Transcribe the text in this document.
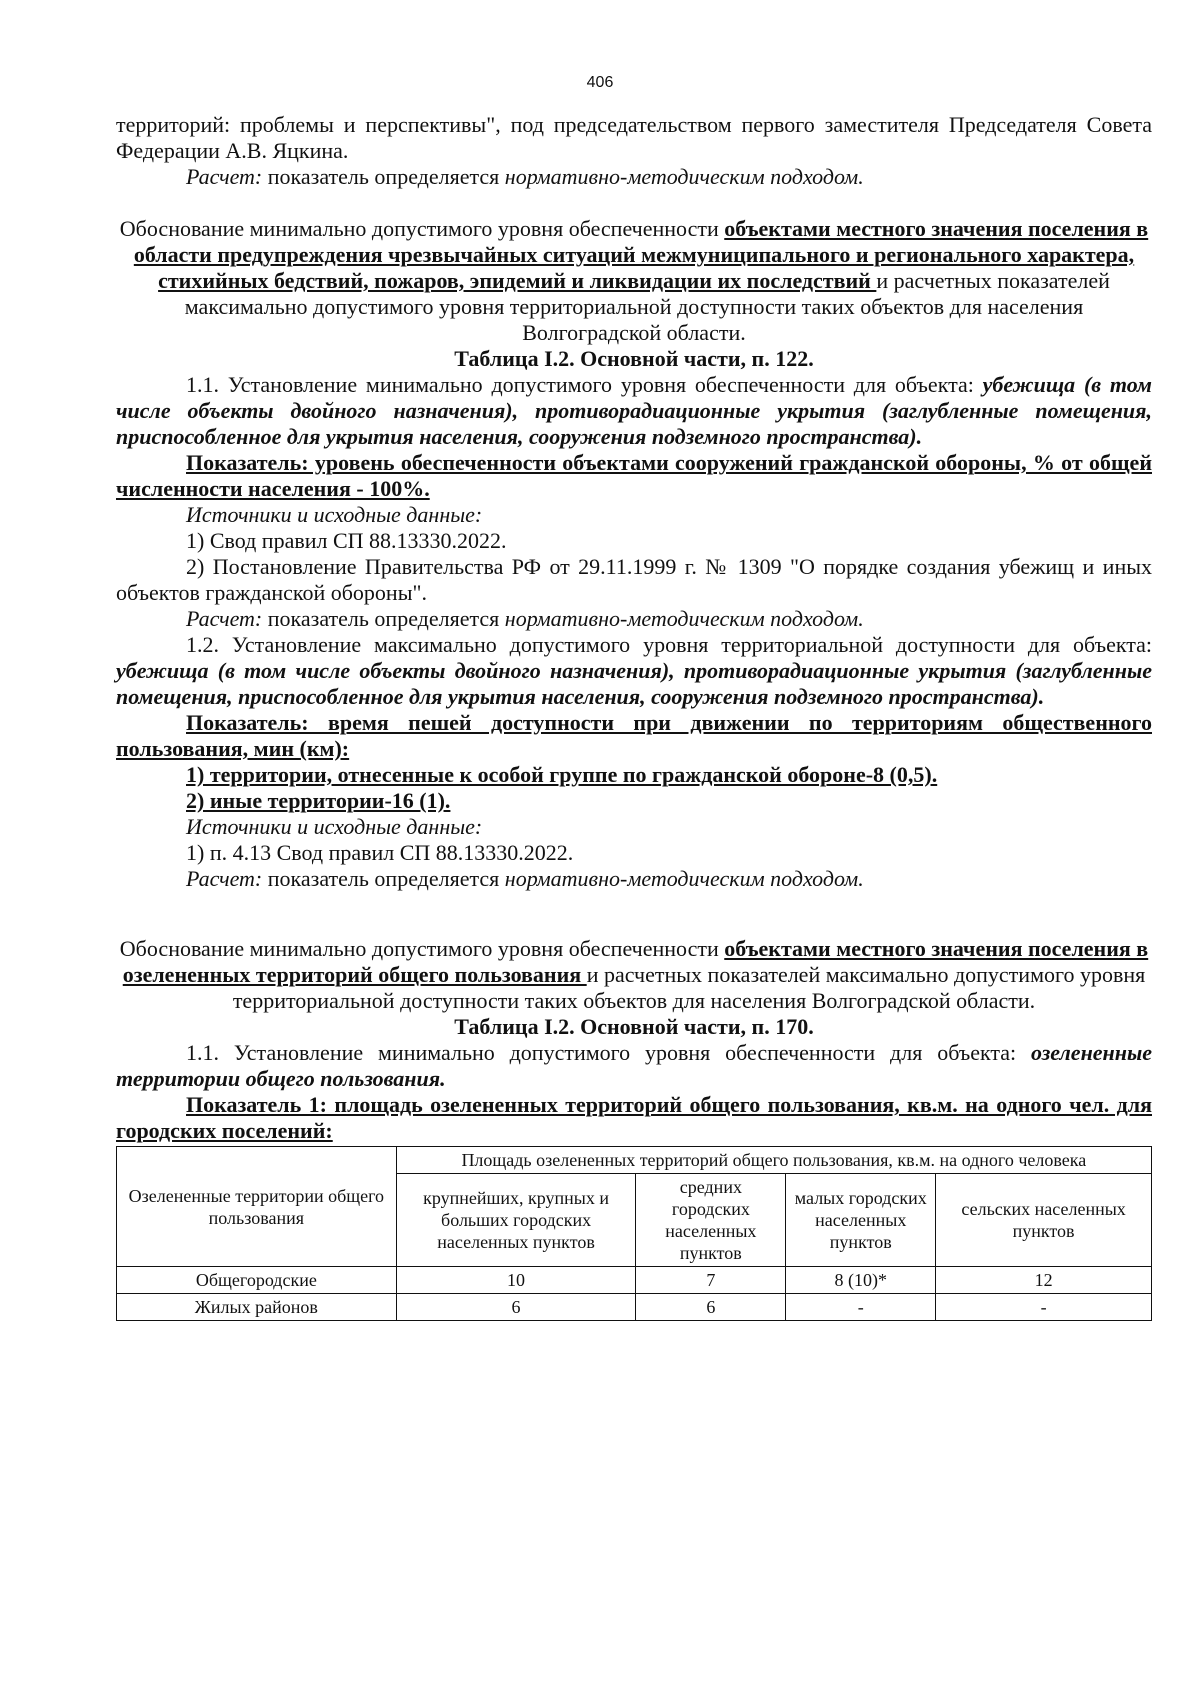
406

территорий: проблемы и перспективы", под председательством первого заместителя Председателя Совета Федерации А.В. Яцкина.

Расчет: показатель определяется нормативно-методическим подходом.

Обоснование минимально допустимого уровня обеспеченности объектами местного значения поселения в области предупреждения чрезвычайных ситуаций межмуниципального и регионального характера, стихийных бедствий, пожаров, эпидемий и ликвидации их последствий и расчетных показателей максимально допустимого уровня территориальной доступности таких объектов для населения Волгоградской области.

Таблица I.2. Основной части, п. 122.

1.1. Установление минимально допустимого уровня обеспеченности для объекта: убежища (в том числе объекты двойного назначения), противорадиационные укрытия (заглубленные помещения, приспособленное для укрытия населения, сооружения подземного пространства).

Показатель: уровень обеспеченности объектами сооружений гражданской обороны, % от общей численности населения - 100%.

Источники и исходные данные:

1) Свод правил СП 88.13330.2022.

2) Постановление Правительства РФ от 29.11.1999 г. № 1309 "О порядке создания убежищ и иных объектов гражданской обороны".

Расчет: показатель определяется нормативно-методическим подходом.

1.2. Установление максимально допустимого уровня территориальной доступности для объекта: убежища (в том числе объекты двойного назначения), противорадиационные укрытия (заглубленные помещения, приспособленное для укрытия населения, сооружения подземного пространства).

Показатель: время пешей доступности при движении по территориям общественного пользования, мин (км):

1) территории, отнесенные к особой группе по гражданской обороне-8 (0,5).

2) иные территории-16 (1).

Источники и исходные данные:

1) п. 4.13 Свод правил СП 88.13330.2022.

Расчет: показатель определяется нормативно-методическим подходом.

Обоснование минимально допустимого уровня обеспеченности объектами местного значения поселения в озелененных территорий общего пользования и расчетных показателей максимально допустимого уровня территориальной доступности таких объектов для населения Волгоградской области.

Таблица I.2. Основной части, п. 170.

1.1. Установление минимально допустимого уровня обеспеченности для объекта: озелененные территории общего пользования.

Показатель 1: площадь озелененных территорий общего пользования, кв.м. на одного чел. для городских поселений:

Озелененные территории общего пользования	Площадь озелененных территорий общего пользования, кв.м. на одного человека			
	крупнейших, крупных и больших городских населенных пунктов	средних городских населенных пунктов	малых городских населенных пунктов	сельских населенных пунктов
Общегородские	10	7	8 (10)*	12
Жилых районов	6	6	-	-
